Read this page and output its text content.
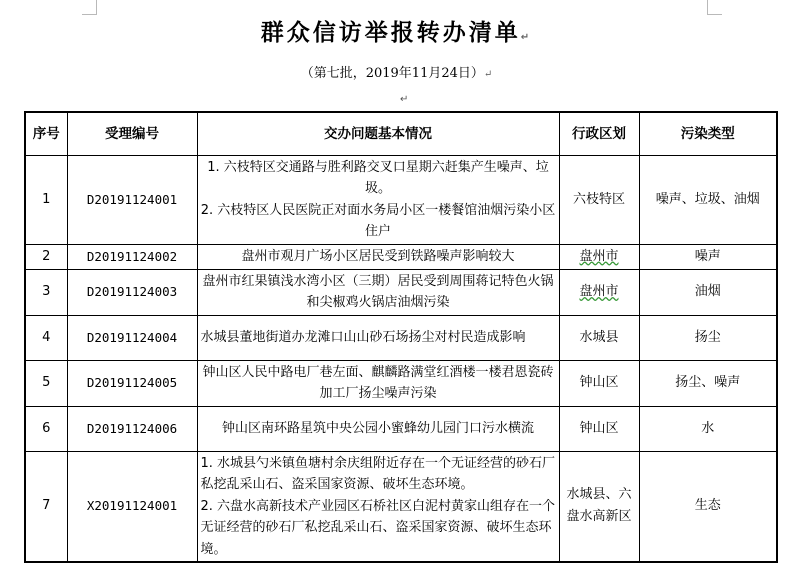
群众信访举报转办清单↵
（第七批，2019年11月24日）↵
↵
序号	受理编号	交办问题基本情况	行政区划	污染类型
1	D20191124001	1. 六枝特区交通路与胜利路交叉口星期六赶集产生噪声、垃圾。
2. 六枝特区人民医院正对面水务局小区一楼餐馆油烟污染小区住户	六枝特区	噪声、垃圾、油烟
2	D20191124002	盘州市观月广场小区居民受到铁路噪声影响较大	盘州市	噪声
3	D20191124003	盘州市红果镇浅水湾小区（三期）居民受到周围蒋记特色火锅和尖椒鸡火锅店油烟污染	盘州市	油烟
4	D20191124004	水城县董地街道办龙滩口山山砂石场扬尘对村民造成影响	水城县	扬尘
5	D20191124005	钟山区人民中路电厂巷左面、麒麟路满堂红酒楼一楼君恩瓷砖加工厂扬尘噪声污染	钟山区	扬尘、噪声
6	D20191124006	钟山区南环路星筑中央公园小蜜蜂幼儿园门口污水横流	钟山区	水
7	X20191124001	1. 水城县勺米镇鱼塘村余庆组附近存在一个无证经营的砂石厂私挖乱采山石、盗采国家资源、破坏生态环境。
2. 六盘水高新技术产业园区石桥社区白泥村黄家山组存在一个无证经营的砂石厂私挖乱采山石、盗采国家资源、破坏生态环境。	水城县、六盘水高新区	生态
